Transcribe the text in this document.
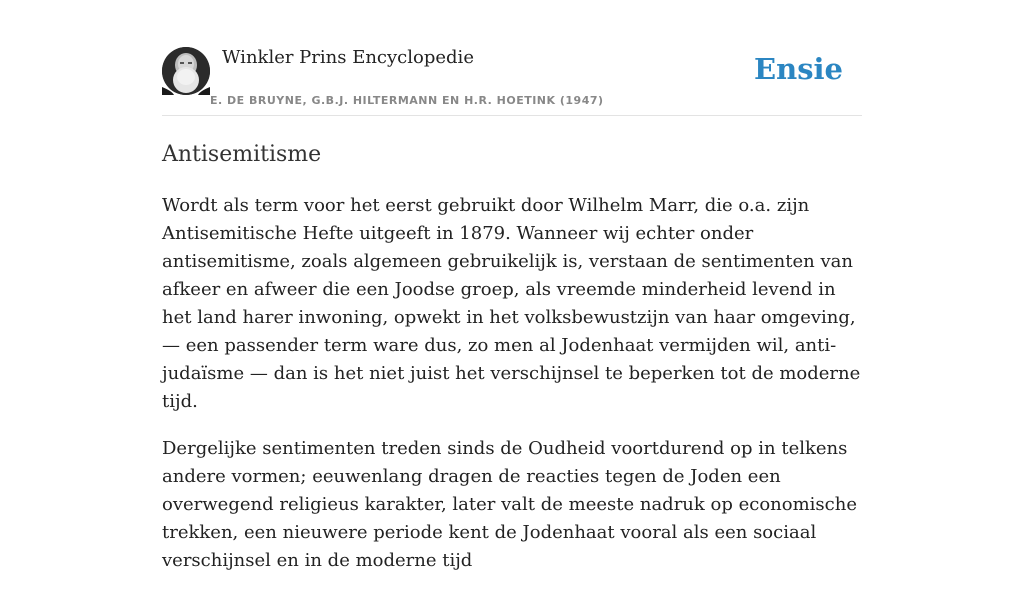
Winkler Prins Encyclopedie	Ensie
E. DE BRUYNE, G.B.J. HILTERMANN EN H.R. HOETINK (1947)
Antisemitisme

Wordt als term voor het eerst gebruikt door Wilhelm Marr, die o.a. zijn Antisemitische Hefte uitgeeft in 1879. Wanneer wij echter onder antisemitisme, zoals algemeen gebruikelijk is, verstaan de sentimenten van afkeer en afweer die een Joodse groep, als vreemde minderheid levend in het land harer inwoning, opwekt in het volksbewustzijn van haar omgeving, — een passender term ware dus, zo men al Jodenhaat vermijden wil, anti-judaïsme — dan is het niet juist het verschijnsel te beperken tot de moderne tijd.

Dergelijke sentimenten treden sinds de Oudheid voortdurend op in telkens andere vormen; eeuwenlang dragen de reacties tegen de Joden een overwegend religieus karakter, later valt de meeste nadruk op economische trekken, een nieuwere periode kent de Jodenhaat vooral als een sociaal verschijnsel en in de moderne tijd
